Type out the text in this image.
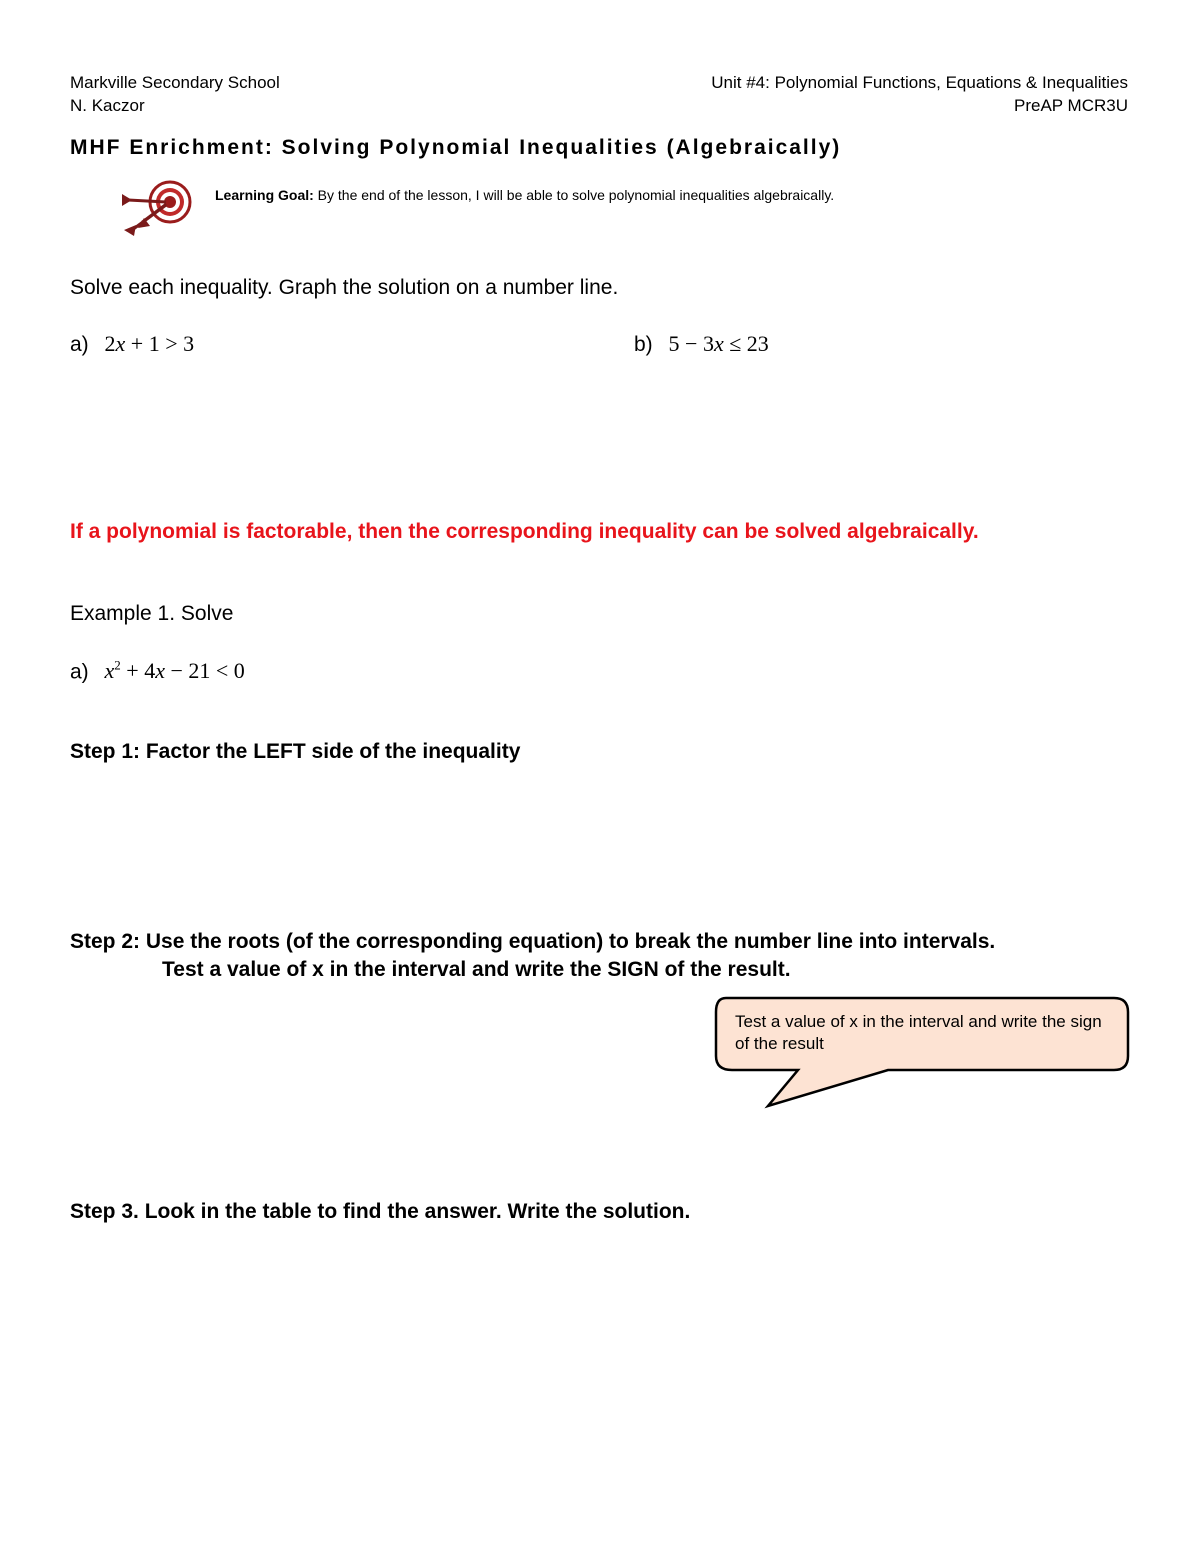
Markville Secondary School
N. Kaczor
Unit #4: Polynomial Functions, Equations & Inequalities
PreAP MCR3U
MHF Enrichment: Solving Polynomial Inequalities (Algebraically)
Learning Goal: By the end of the lesson, I will be able to solve polynomial inequalities algebraically.
Solve each inequality. Graph the solution on a number line.
a) 2x + 1 > 3	b) 5 − 3x ≤ 23
If a polynomial is factorable, then the corresponding inequality can be solved algebraically.
Example 1. Solve
a) $x^2 + 4x - 21 < 0$
Step 1: Factor the LEFT side of the inequality
Step 2: Use the roots (of the corresponding equation) to break the number line into intervals.
Test a value of x in the interval and write the SIGN of the result.
Test a value of x in the interval and write the sign of the result
Step 3. Look in the table to find the answer. Write the solution.
